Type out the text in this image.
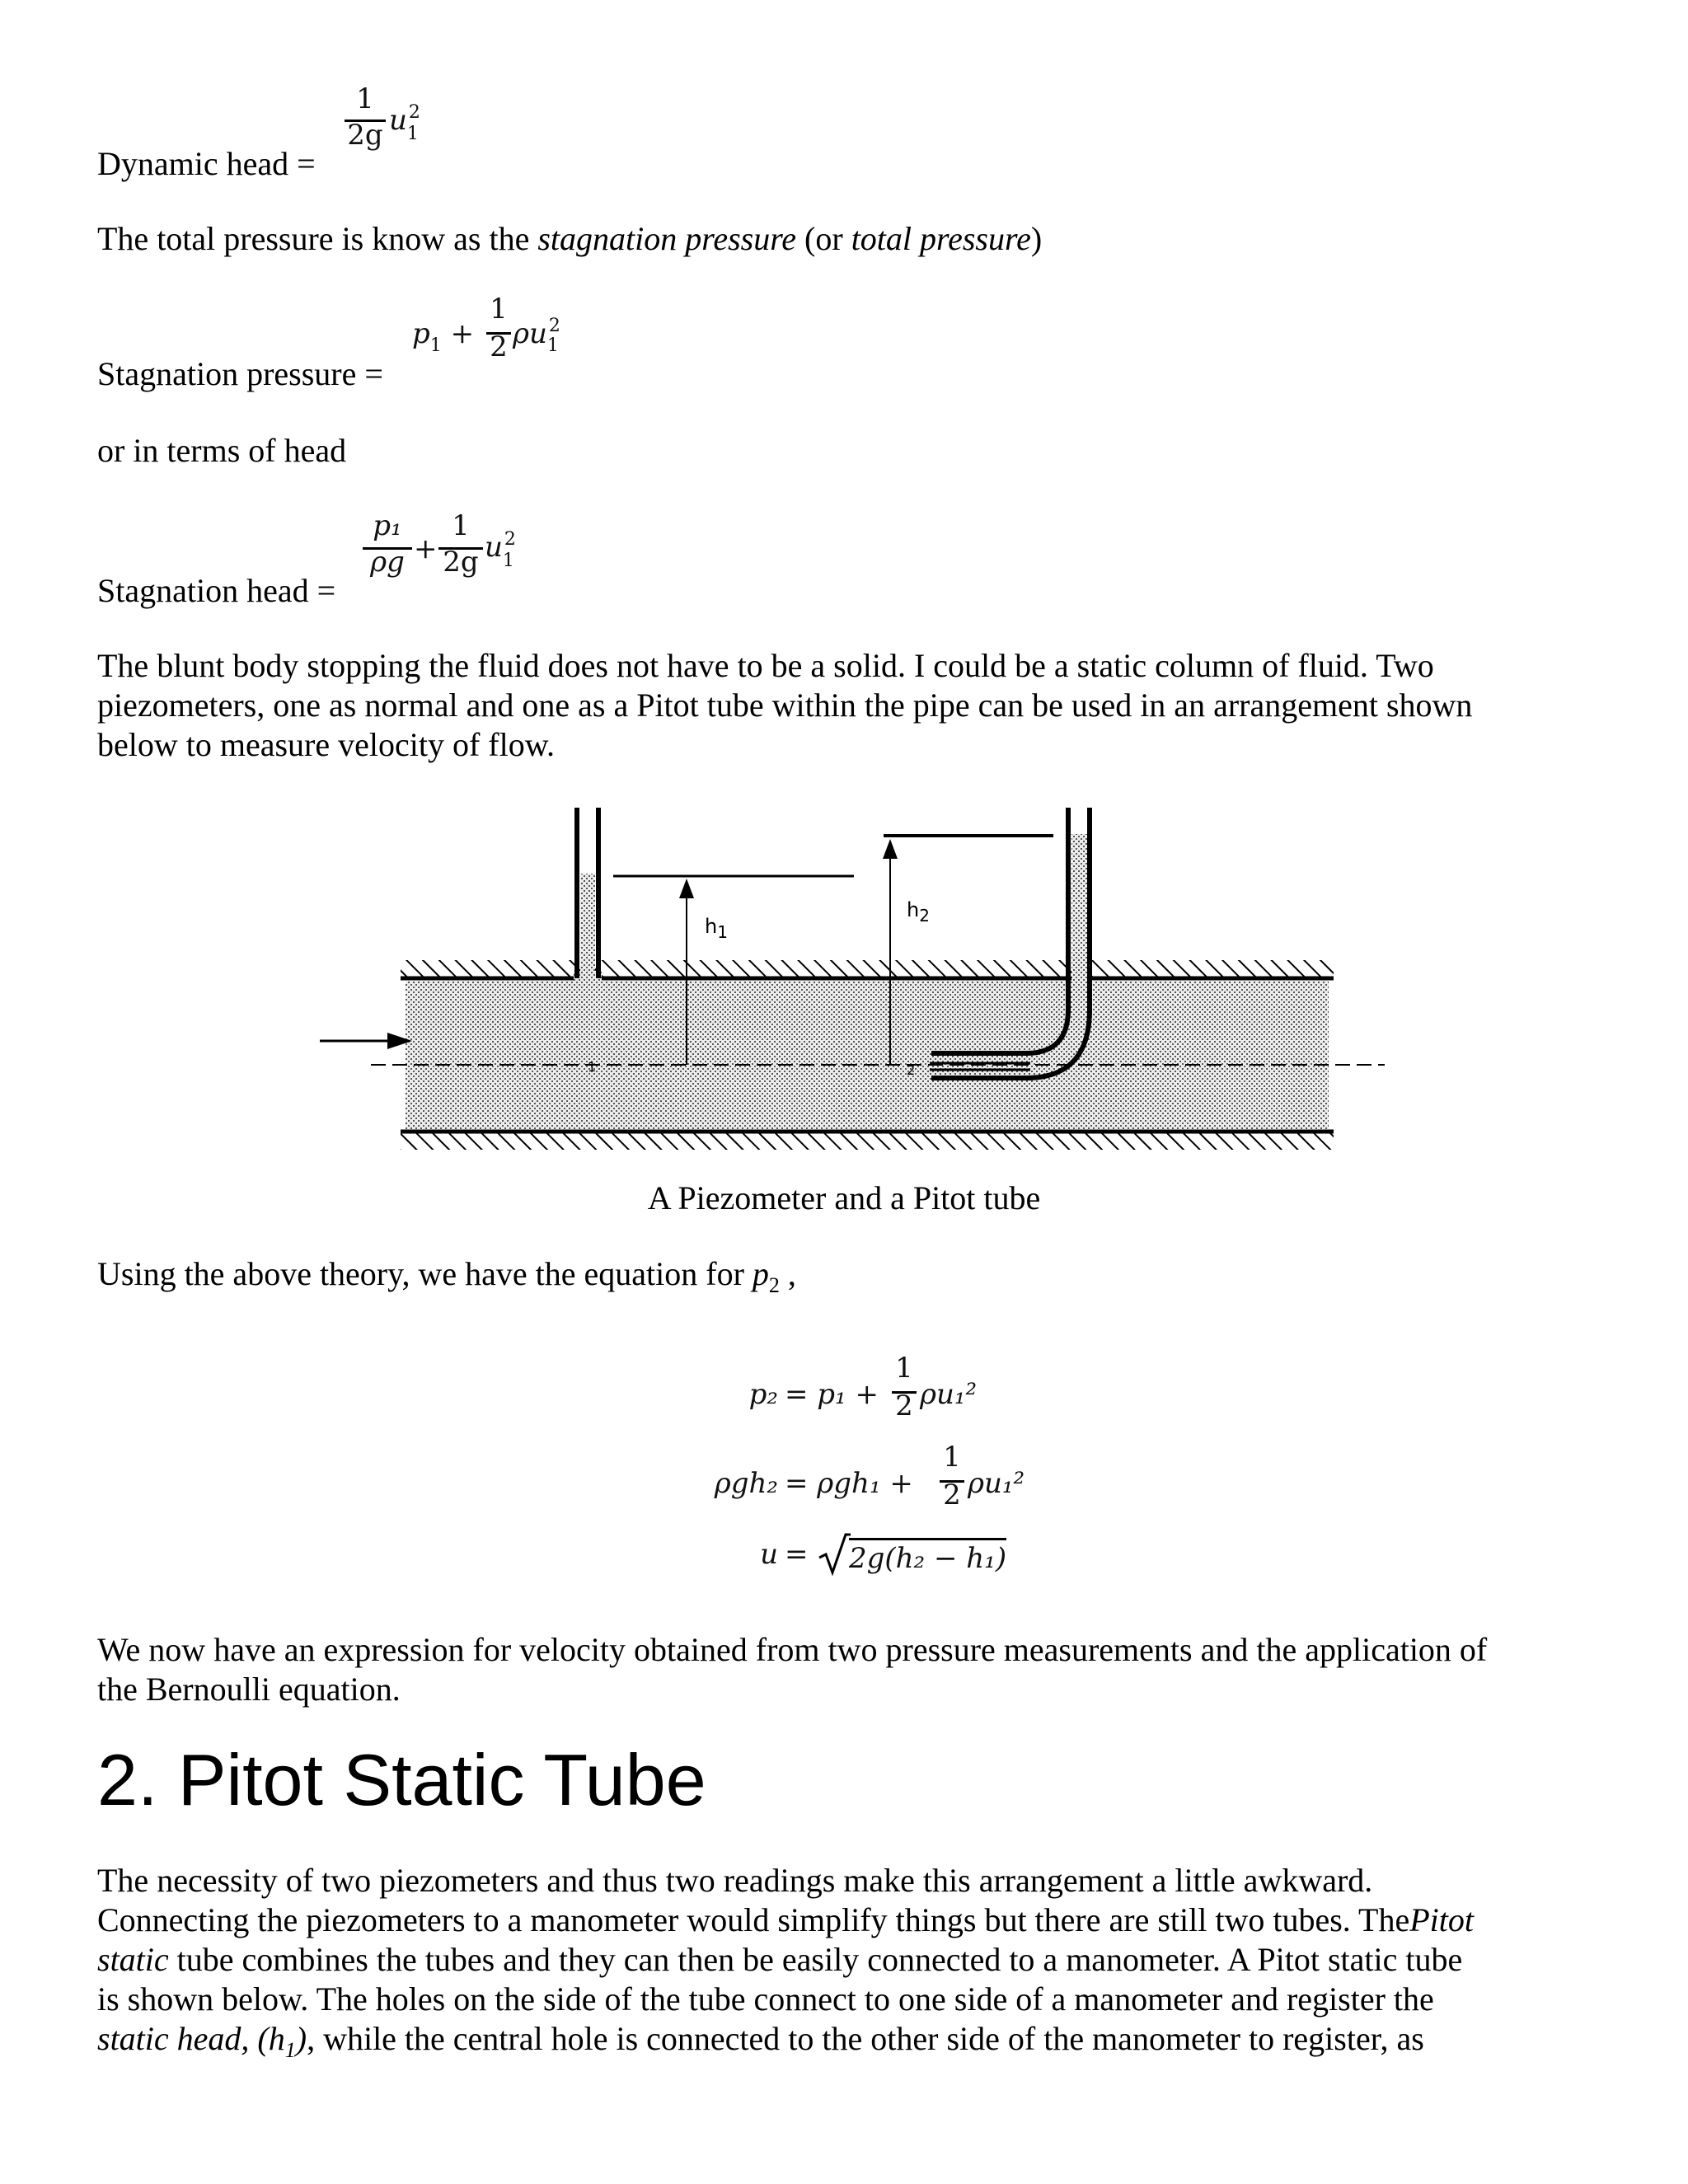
Dynamic head =
1
2g $u_1^2$
The total pressure is know as the stagnation pressure (or total pressure)
Stagnation pressure =
$p_1$ +
1
2 $\rho u_1^2$
or in terms of head
Stagnation head =
p₁
ρg +
1
2g $u_1^2$
The blunt body stopping the fluid does not have to be a solid. I could be a static column of fluid. Two
piezometers, one as normal and one as a Pitot tube within the pipe can be used in an arrangement shown
below to measure velocity of flow.
$h_1$
$h_2$
1	2
A Piezometer and a Pitot tube
Using the above theory, we have the equation for $p_2$ ,
p₂ = p₁ +
1
2 ρu₁²
ρgh₂ = ρgh₁ +
1
2 ρu₁²
u = 2g(h₂ − h₁)
We now have an expression for velocity obtained from two pressure measurements and the application of
the Bernoulli equation.
2. Pitot Static Tube
The necessity of two piezometers and thus two readings make this arrangement a little awkward.
Connecting the piezometers to a manometer would simplify things but there are still two tubes. ThePitot
static tube combines the tubes and they can then be easily connected to a manometer. A Pitot static tube
is shown below. The holes on the side of the tube connect to one side of a manometer and register the
static head, $(h_1)$, while the central hole is connected to the other side of the manometer to register, as
